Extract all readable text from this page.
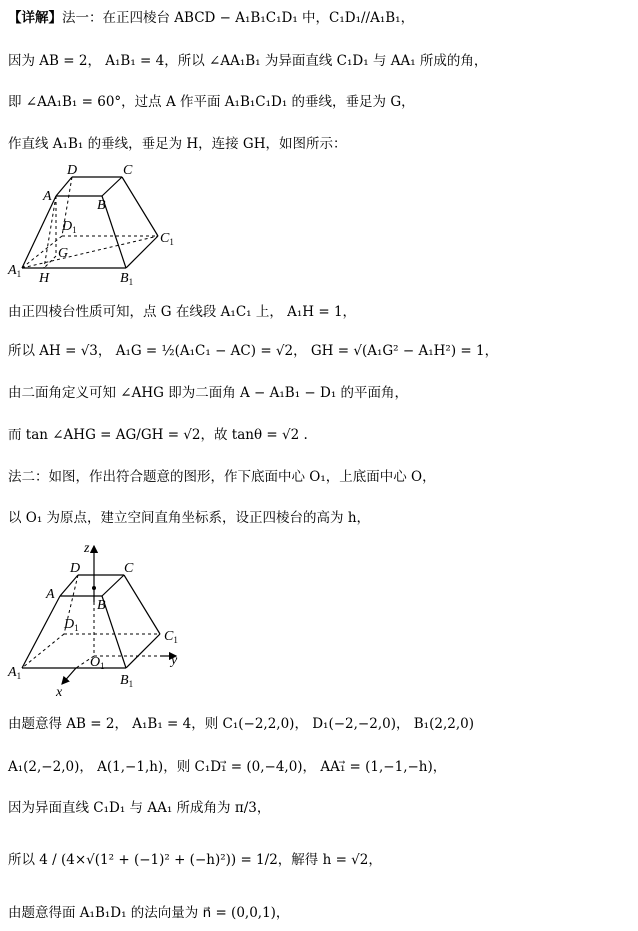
【详解】法一：在正四棱台 ABCD − A₁B₁C₁D₁ 中，C₁D₁//A₁B₁，
因为 AB = 2， A₁B₁ = 4，所以 ∠AA₁B₁ 为异面直线 C₁D₁ 与 AA₁ 所成的角，
即 ∠AA₁B₁ = 60°，过点 A 作平面 A₁B₁C₁D₁ 的垂线，垂足为 G，
作直线 A₁B₁ 的垂线，垂足为 H，连接 GH，如图所示：
D	C
A
B
$D_1$
$C_1$
G
$A_1$ H	$B_1$
由正四棱台性质可知，点 G 在线段 A₁C₁ 上， A₁H = 1，
所以 AH = √3， A₁G = ½(A₁C₁ − AC) = √2， GH = √(A₁G² − A₁H²) = 1，
由二面角定义可知 ∠AHG 即为二面角 A − A₁B₁ − D₁ 的平面角，
而 tan ∠AHG = AG/GH = √2，故 tanθ = √2 .
法二：如图，作出符合题意的图形，作下底面中心 O₁，上底面中心 O，
以 O₁ 为原点，建立空间直角坐标系，设正四棱台的高为 h，
z
D	C
A
B
$D_1$
$C_1$
$O_1$	y
$A_1$	$B_1$
x
由题意得 AB = 2， A₁B₁ = 4，则 C₁(−2,2,0)， D₁(−2,−2,0)， B₁(2,2,0)
A₁(2,−2,0)， A(1,−1,h)，则 C₁D₁⃗ = (0,−4,0)， AA₁⃗ = (1,−1,−h)，
因为异面直线 C₁D₁ 与 AA₁ 所成角为 π/3，
所以 4 / (4×√(1² + (−1)² + (−h)²)) = 1/2，解得 h = √2，
由题意得面 A₁B₁D₁ 的法向量为 n⃗ = (0,0,1)，
